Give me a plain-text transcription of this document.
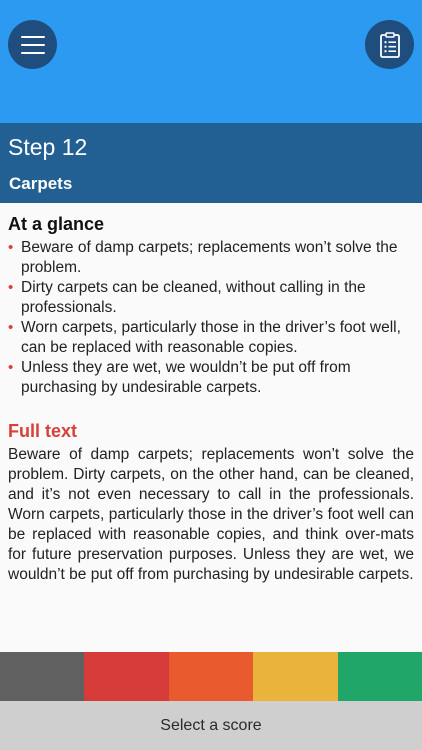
Step 12
Carpets
At a glance
• Beware of damp carpets; replacements won’t solve the problem.
• Dirty carpets can be cleaned, without calling in the professionals.
• Worn carpets, particularly those in the driver’s foot well, can be replaced with reasonable copies.
• Unless they are wet, we wouldn’t be put off from purchasing by undesirable carpets.
Full text

Beware of damp carpets; replacements won’t solve the problem. Dirty carpets, on the other hand, can be cleaned, and it’s not even necessary to call in the professionals. Worn carpets, particularly those in the driver’s foot well can be replaced with reasonable copies, and think over-mats for future preservation purposes. Unless they are wet, we wouldn’t be put off from purchasing by undesirable carpets.

Select a score
